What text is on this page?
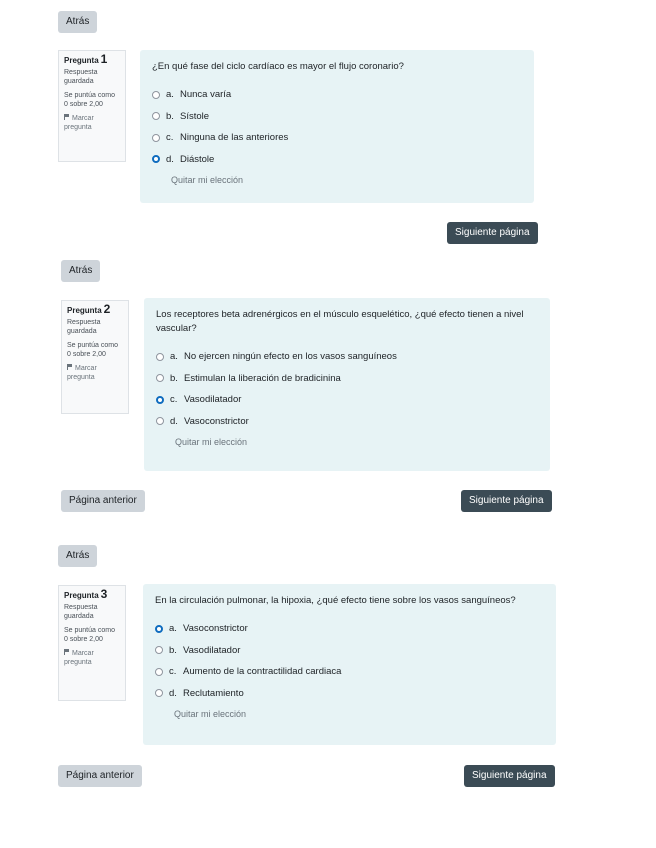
Atrás
Pregunta 1
Respuesta guardada
Se puntúa como 0 sobre 2,00
Marcar pregunta
¿En qué fase del ciclo cardíaco es mayor el flujo coronario?
a. Nunca varía
b. Sístole
c. Ninguna de las anteriores
d. Diástole
Quitar mi elección
Siguiente página
Atrás
Pregunta 2
Respuesta guardada
Se puntúa como 0 sobre 2,00
Marcar pregunta
Los receptores beta adrenérgicos en el músculo esquelético, ¿qué efecto tienen a nivel vascular?
a. No ejercen ningún efecto en los vasos sanguíneos
b. Estimulan la liberación de bradicinina
c. Vasodilatador
d. Vasoconstrictor
Quitar mi elección
Página anterior	Siguiente página
Atrás
Pregunta 3
Respuesta guardada
Se puntúa como 0 sobre 2,00
Marcar pregunta
En la circulación pulmonar, la hipoxia, ¿qué efecto tiene sobre los vasos sanguíneos?
a. Vasoconstrictor
b. Vasodilatador
c. Aumento de la contractilidad cardiaca
d. Reclutamiento
Quitar mi elección
Página anterior	Siguiente página
